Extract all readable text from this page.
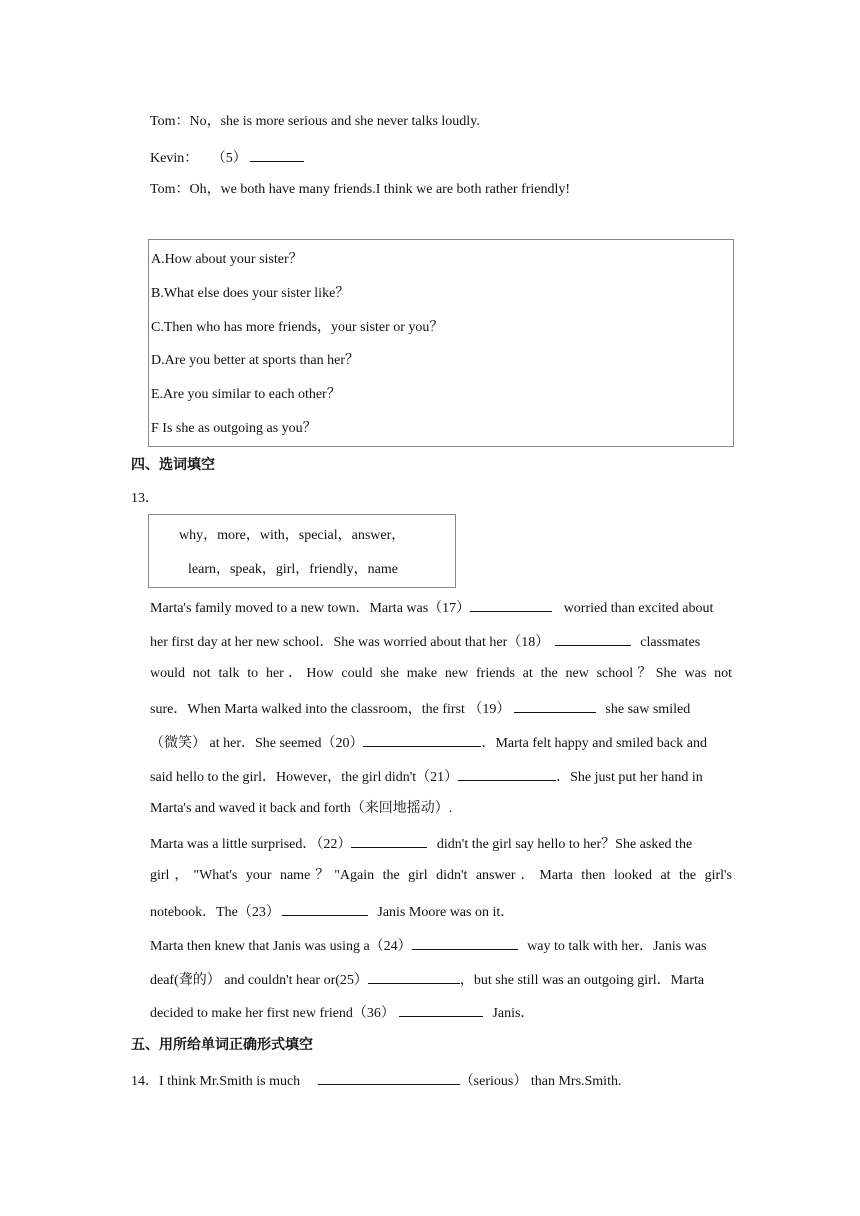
Tom：No，she is more serious and she never talks loudly.
Kevin： （5）
Tom：Oh，we both have many friends.I think we are both rather friendly!
A.How about your sister？
B.What else does your sister like？
C.Then who has more friends，your sister or you？
D.Are you better at sports than her？
E.Are you similar to each other？
F Is she as outgoing as you？
四、选词填空
13．
why，more，with，special，answer，
learn，speak，girl，friendly，name
Marta's family moved to a new town．Marta was（17）	worried than excited about
her first day at her new school．She was worried about that her（18）	classmates
would not talk to her．How could she make new friends at the new school？She was not
sure．When Marta walked into the classroom，the first （19）	she saw smiled
（微笑） at her．She seemed（20）	．Marta felt happy and smiled back and
said hello to the girl．However，the girl didn't（21）	．She just put her hand in
Marta's and waved it back and forth（来回地摇动）.
Marta was a little surprised．（22）	didn't the girl say hello to her？She asked the
girl，"What's your name？"Again the girl didn't answer．Marta then looked at the girl's
notebook．The（23）	Janis Moore was on it．
Marta then knew that Janis was using a（24）	way to talk with her．Janis was
deaf(聋的） and couldn't hear or(25）	，but she still was an outgoing girl．Marta
decided to make her first new friend（36）	Janis．
五、用所给单词正确形式填空
14．I think Mr.Smith is much	（serious） than Mrs.Smith.
